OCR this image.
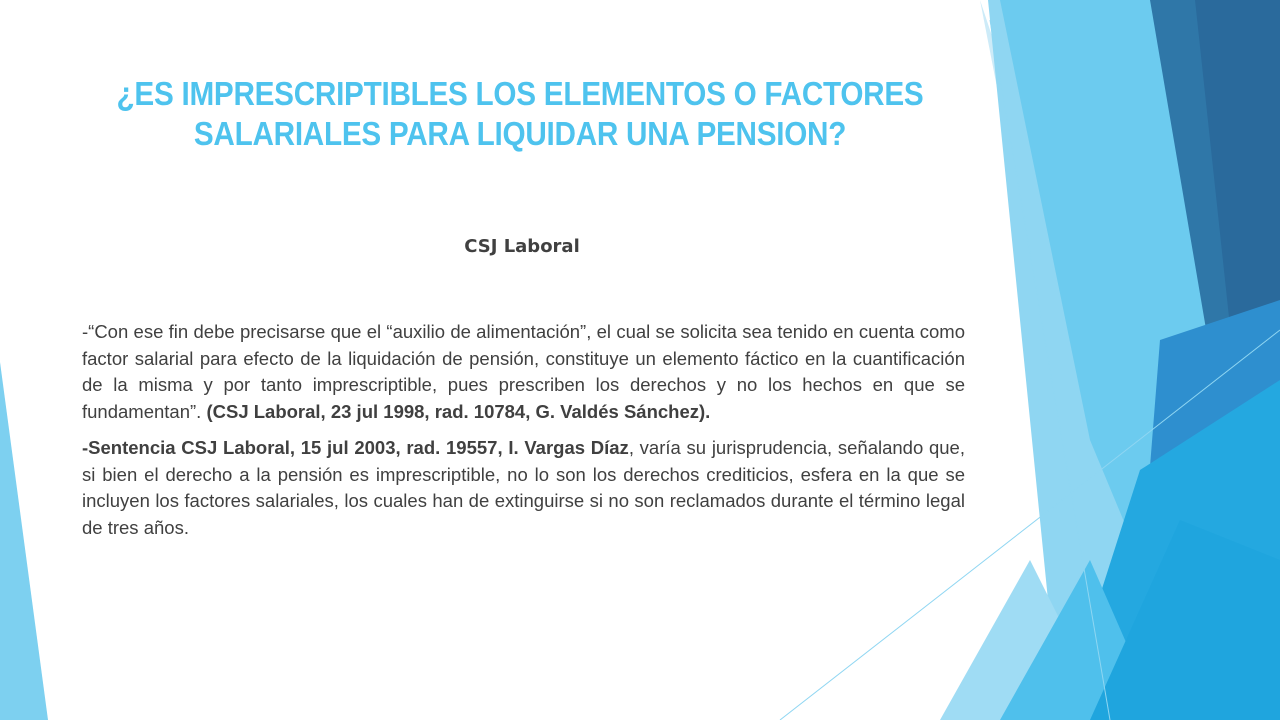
¿ES IMPRESCRIPTIBLES LOS ELEMENTOS O FACTORES
SALARIALES PARA LIQUIDAR UNA PENSION?
CSJ Laboral

-“Con ese fin debe precisarse que el “auxilio de alimentación”, el cual se solicita sea tenido en cuenta como factor salarial para efecto de la liquidación de pensión, constituye un elemento fáctico en la cuantificación de la misma y por tanto imprescriptible, pues prescriben los derechos y no los hechos en que se fundamentan”. (CSJ Laboral, 23 jul 1998, rad. 10784, G. Valdés Sánchez).

-Sentencia CSJ Laboral, 15 jul 2003, rad. 19557, I. Vargas Díaz, varía su jurisprudencia, señalando que, si bien el derecho a la pensión es imprescriptible, no lo son los derechos crediticios, esfera en la que se incluyen los factores salariales, los cuales han de extinguirse si no son reclamados durante el término legal de tres años.
